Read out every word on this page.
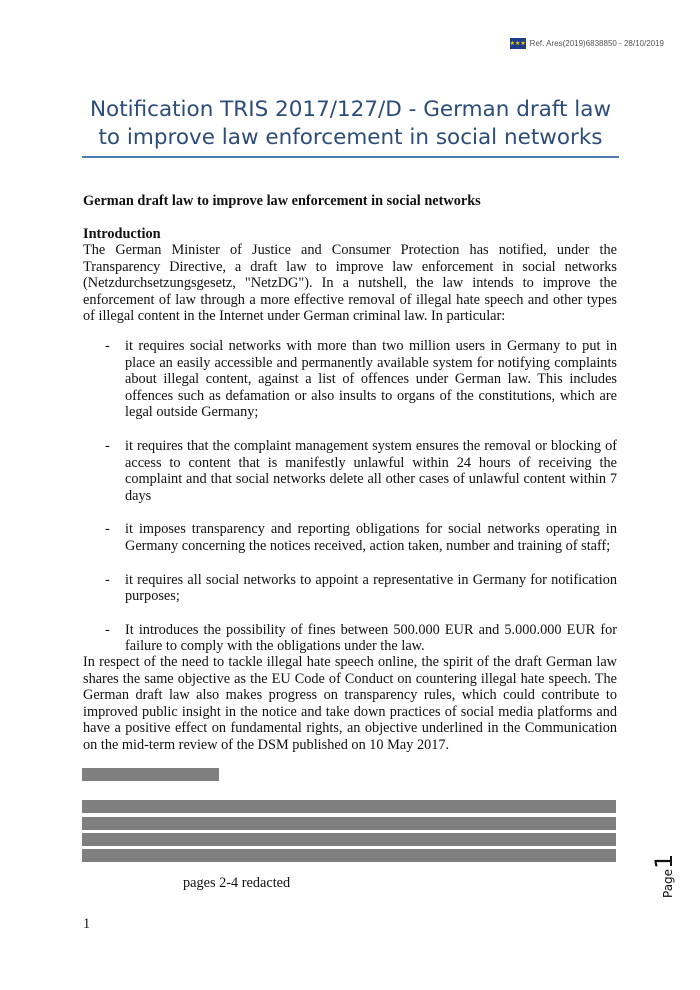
★★★ Ref. Ares(2019)6838850 - 28/10/2019
Notification TRIS 2017/127/D - German draft law to improve law enforcement in social networks
German draft law to improve law enforcement in social networks
Introduction
The German Minister of Justice and Consumer Protection has notified, under the Transparency Directive, a draft law to improve law enforcement in social networks (Netzdurchsetzungsgesetz, "NetzDG"). In a nutshell, the law intends to improve the enforcement of law through a more effective removal of illegal hate speech and other types of illegal content in the Internet under German criminal law. In particular:
- it requires social networks with more than two million users in Germany to put in place an easily accessible and permanently available system for notifying complaints about illegal content, against a list of offences under German law. This includes offences such as defamation or also insults to organs of the constitutions, which are legal outside Germany;
- it requires that the complaint management system ensures the removal or blocking of access to content that is manifestly unlawful within 24 hours of receiving the complaint and that social networks delete all other cases of unlawful content within 7 days
- it imposes transparency and reporting obligations for social networks operating in Germany concerning the notices received, action taken, number and training of staff;
- it requires all social networks to appoint a representative in Germany for notification purposes;
- It introduces the possibility of fines between 500.000 EUR and 5.000.000 EUR for failure to comply with the obligations under the law.
In respect of the need to tackle illegal hate speech online, the spirit of the draft German law shares the same objective as the EU Code of Conduct on countering illegal hate speech. The German draft law also makes progress on transparency rules, which could contribute to improved public insight in the notice and take down practices of social media platforms and have a positive effect on fundamental rights, an objective underlined in the Communication on the mid-term review of the DSM published on 10 May 2017.
pages 2-4 redacted
1
Page1
